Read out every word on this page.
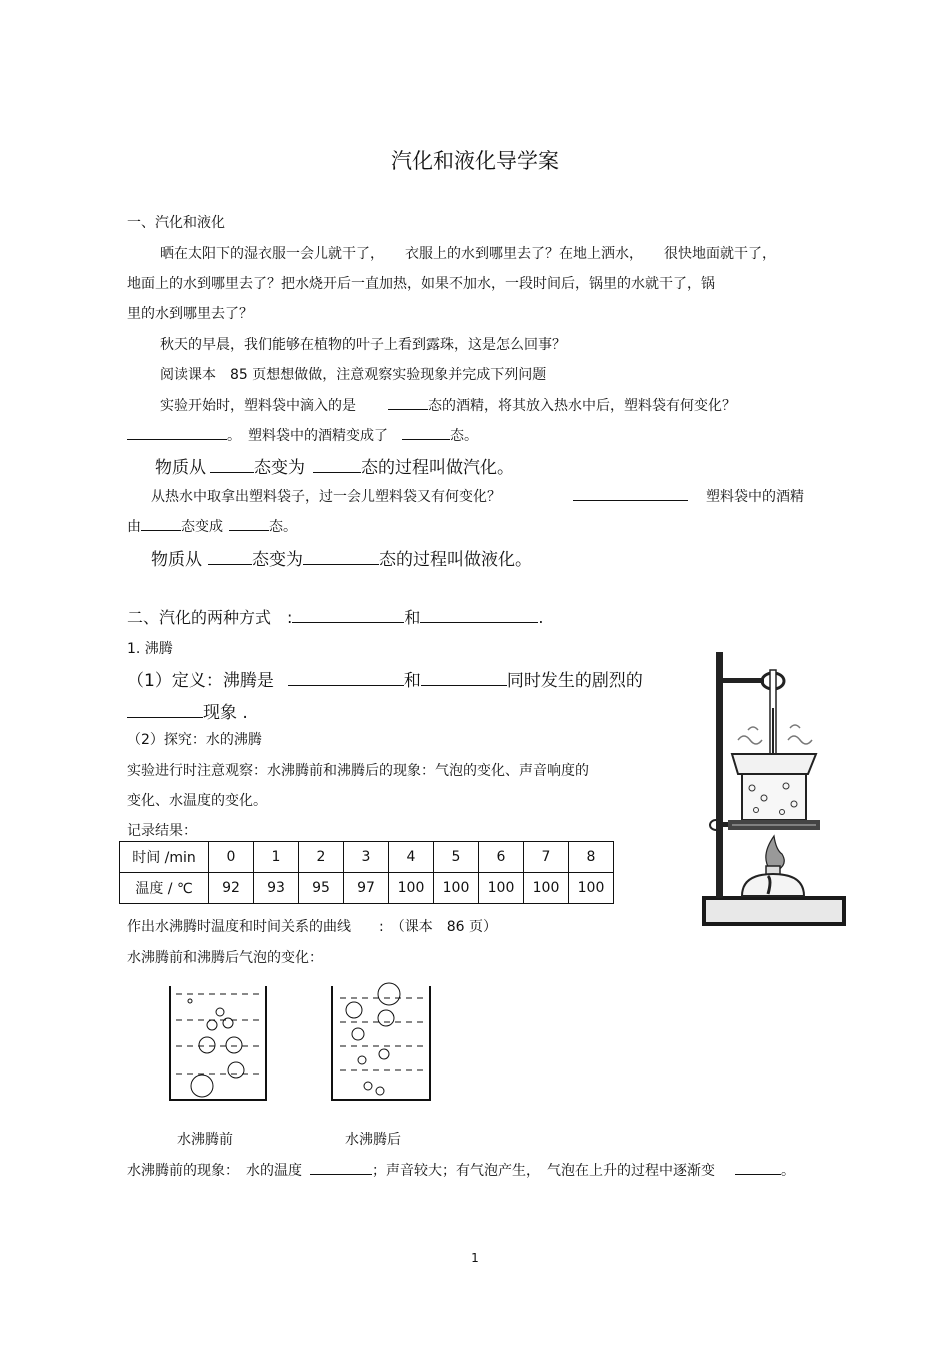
汽化和液化导学案
一、汽化和液化
晒在太阳下的湿衣服一会儿就干了，　　衣服上的水到哪里去了？在地上洒水，　　很快地面就干了，
地面上的水到哪里去了？把水烧开后一直加热，如果不加水，一段时间后，锅里的水就干了，锅
里的水到哪里去了？
秋天的早晨，我们能够在植物的叶子上看到露珠，这是怎么回事？
阅读课本　85 页想想做做，注意观察实验现象并完成下列问题
实验开始时，塑料袋中滴入的是	态的酒精，将其放入热水中后，塑料袋有何变化？
。　塑料袋中的酒精变成了	态。
物质从	态变为	态的过程叫做汽化。
从热水中取拿出塑料袋子，过一会儿塑料袋又有何变化？	塑料袋中的酒精
由	态变成	态。
物质从	态变为	态的过程叫做液化。
二、汽化的两种方式　:	和	.
1. 沸腾
（1）定义：沸腾是	和	同时发生的剧烈的
现象 .
（2）探究：水的沸腾
实验进行时注意观察：水沸腾前和沸腾后的现象：气泡的变化、声音响度的
变化、水温度的变化。
记录结果：
时间 /min	0	1	2	3	4	5	6	7	8
温度 / ℃	92	93	95	97	100	100	100	100	100
作出水沸腾时温度和时间关系的曲线　　:　（课本　86 页）
水沸腾前和沸腾后气泡的变化：
水沸腾前	水沸腾后
水沸腾前的现象：　水的温度	；声音较大；有气泡产生，　气泡在上升的过程中逐渐变	。
1
